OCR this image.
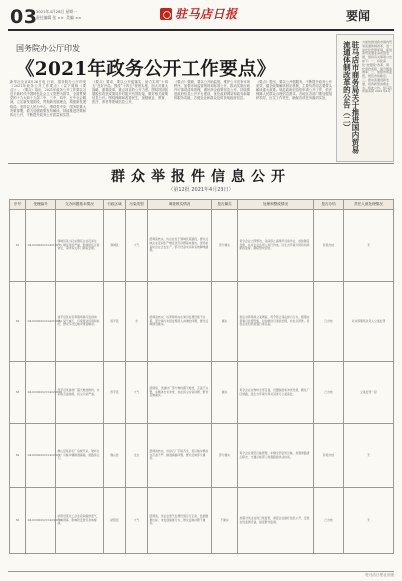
03
2021年4月26日 星期一
责任编辑 张 ××  美编 ××	驻马店日报	要闻
国务院办公厅印发
《2021年政务公开工作要点》
新华社北京4月26日电 日前，国务院办公厅印发《2021年政务公开工作要点》（以下简称《要点》）。《要点》指出，2021年政务公开工作要以习近平新时代中国特色社会主义思想为指导，全面贯彻党的十九大和十九届二中、三中、四中、五中全会精神，立足新发展阶段，贯彻新发展理念，构建新发展格局，坚持以人民为中心，围绕党中央、国务院重大决策部署，着力加强政策发布解读，持续推进决策和执行公开，不断提升政务公开质量和实效。
《要点》要求，要以公开促落实，助力实现“十四五”良好开局。围绕“十四五”规划实施，加大对重大战略、重要改革、重点项目的公开力度。围绕巩固拓展脱贫攻坚成果同乡村振兴有效衔接，做好相关政策信息公开。围绕保障和改善民生，加强就业、教育、医疗、养老等领域信息公开。
《要点》强调，要以公开助监管，维护公平竞争市场秩序。加强市场监管规则和标准公开，推动实施行政许可事项清单管理，做好涉企政策信息公开。持续推进政府信息公开平台建设，优化政府网站和政务新媒体服务功能，方便企业和群众及时获取政府信息。
《要点》提出，要以公开强服务，不断提升政务公开质效。健全政策解读回应机制，主要负责同志要带头解读重大政策。规范政府信息依申请公开工作，依法保障人民群众合理信息需求。各地区各部门要加强组织领导，压实工作责任，确保各项任务落到实处。	驻马店市商务局关于推进国内贸易流通体制改革的公告（二）	为加快推进我市国内贸易流通体制改革，进一步优化营商环境，促进商贸流通业高质量发展，现将有关事项公告如下：一、持续深化“放管服”改革，简化审批流程，提升服务效率；二、加强市场监管，规范市场秩序；三、推动流通创新发展，培育新型消费业态。特此公告。驻马店市商务局 2021年4月
群众举报件信息公开
（第12批 2021年4月23日）
序号	受理编号	交办问题基本情况	行政区域	污染类型	调查核实情况	是否属实	处理和整改情况	是否办结	责任人被处理情况
61	D410000202104210015	驿城区某小区东侧有企业夜间生产，噪音扰民严重，影响居民正常休息，请求有关部门调查处理。	驿城区	大气	经调查核实，该企业位于驿城区某路段，群众反映企业夜间生产噪音扰民问题基本属实。现场检查时企业正在生产，部分设备未采取有效降噪措施。	部分属实	责令企业立即整改，夜间停止高噪声设备作业，加装隔音设施，并对企业负责人进行约谈。区生态环境分局将持续跟踪监督，确保整改到位。	阶段办结	无
62	D410000202104210024	遂平县某村有养殖场粪污直排沟渠，臭气熏天，污染周边环境和农田，群众多次反映未得到解决。	遂平县	水	经调查核实，该养殖场存在粪污处理设施不完善、部分粪污未经处理流入沟渠的问题，群众反映情况属实。	属实	依法对养殖场立案调查，责令停止违法排污行为，限期完善粪污处理设施，对沟渠进行清淤治理，并处以罚款。县农业农村局加强日常巡查。	已办结	对该养殖场负责人立案处罚
63	D410000202104220008	西平县某建材厂露天堆放物料，未采取苫盖措施，扬尘污染严重。	西平县	大气	经调查，该建材厂部分物料露天堆放，苫盖不完整，车辆进出未冲洗，存在扬尘污染问题，群众反映属实。	属实	责令企业对物料全部苫盖，设置围挡和冲洗设施，硬化厂区道路，县生态环境分局对其进行立案查处。	已办结	立案处罚一起
64	D410000202104220017	确山县某砂石厂违规开采，破坏生态，运输车辆抛洒滴漏，道路扬尘大。	确山县	生态	经调查核实，该砂石厂手续齐全，但运输车辆存在苫盖不严、抛洒滴漏问题，群众反映部分属实。	部分属实	责令企业规范运输管理，车辆全部密闭运输，加强道路清扫保洁，交通运输部门加强路面执法检查。	阶段办结	无
65	D410000202104230003	泌阳县某化工企业夜间偷排废气，气味刺鼻，影响附近居民身体健康。	泌阳县	大气	经调查，该企业废气处理设施运行正常，监测数据达标，未发现偷排行为，群众反映问题不属实。	不属实	加强对该企业的日常监管，督促企业做好信息公开，安装在线监测设备，接受群众监督。	已办结	无
驻马店日报社出版
